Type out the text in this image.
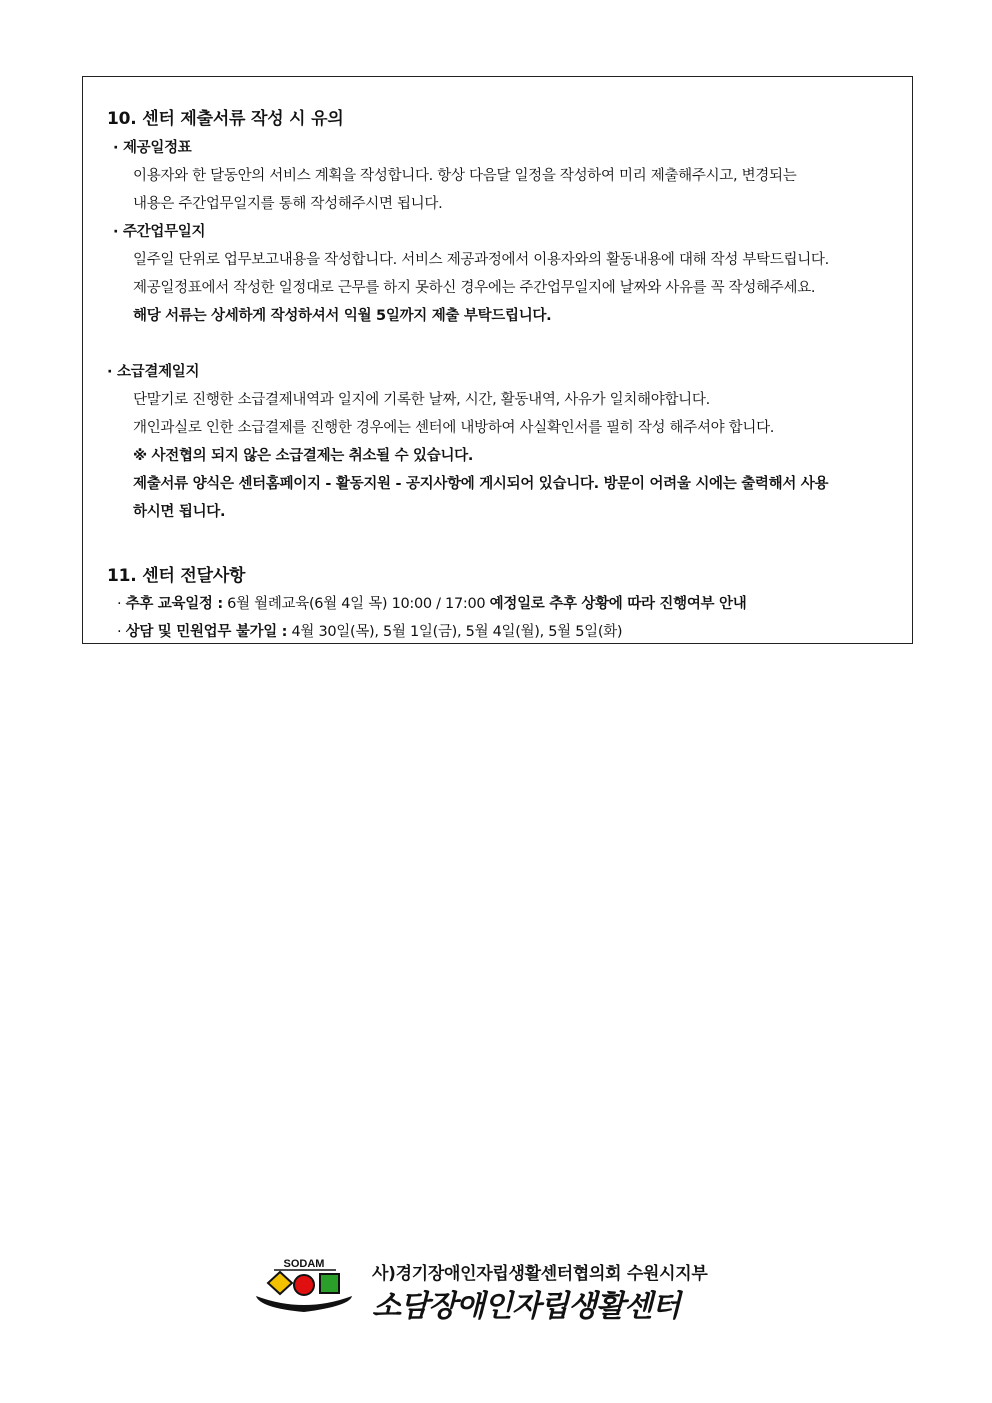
10. 센터 제출서류 작성 시 유의
· 제공일정표
이용자와 한 달동안의 서비스 계획을 작성합니다. 항상 다음달 일정을 작성하여 미리 제출해주시고, 변경되는
내용은 주간업무일지를 통해 작성해주시면 됩니다.
· 주간업무일지
일주일 단위로 업무보고내용을 작성합니다. 서비스 제공과정에서 이용자와의 활동내용에 대해 작성 부탁드립니다.
제공일정표에서 작성한 일정대로 근무를 하지 못하신 경우에는 주간업무일지에 날짜와 사유를 꼭 작성해주세요.
해당 서류는 상세하게 작성하셔서 익월 5일까지 제출 부탁드립니다.
· 소급결제일지
단말기로 진행한 소급결제내역과 일지에 기록한 날짜, 시간, 활동내역, 사유가 일치해야합니다.
개인과실로 인한 소급결제를 진행한 경우에는 센터에 내방하여 사실확인서를 필히 작성 해주셔야 합니다.
※ 사전협의 되지 않은 소급결제는 취소될 수 있습니다.
제출서류 양식은 센터홈페이지 - 활동지원 - 공지사항에 게시되어 있습니다. 방문이 어려울 시에는 출력해서 사용
하시면 됩니다.
11. 센터 전달사항
· 추후 교육일정 : 6월 월례교육(6월 4일 목) 10:00 / 17:00 예정일로 추후 상황에 따라 진행여부 안내
· 상담 및 민원업무 불가일 : 4월 30일(목), 5월 1일(금), 5월 4일(월), 5월 5일(화)
SODAM	사)경기장애인자립생활센터협의회 수원시지부
소담장애인자립생활센터
